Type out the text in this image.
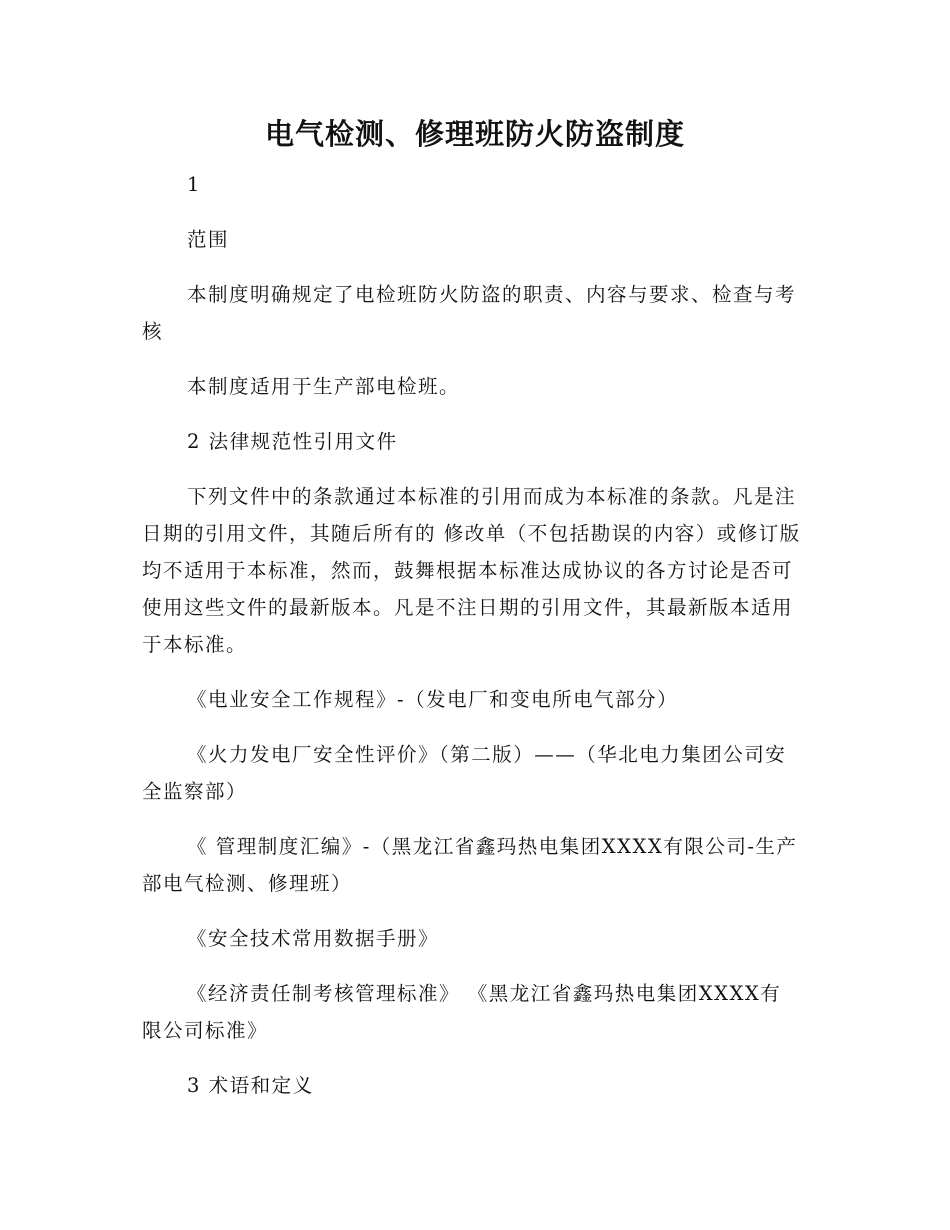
电气检测、修理班防火防盗制度

1

范围

本制度明确规定了电检班防火防盗的职责、内容与要求、检查与考核

本制度适用于生产部电检班。

2 法律规范性引用文件

下列文件中的条款通过本标准的引用而成为本标准的条款。凡是注日期的引用文件，其随后所有的 修改单（不包括勘误的内容）或修订版均不适用于本标准，然而，鼓舞根据本标准达成协议的各方讨论是否可使用这些文件的最新版本。凡是不注日期的引用文件，其最新版本适用于本标准。

《电业安全工作规程》-（发电厂和变电所电气部分）

《火力发电厂安全性评价》（第二版）——（华北电力集团公司安全监察部）

《 管理制度汇编》-（黑龙江省鑫玛热电集团XXXX有限公司-生产部电气检测、修理班）

《安全技术常用数据手册》

《经济责任制考核管理标准》 《黑龙江省鑫玛热电集团XXXX有限公司标准》

3 术语和定义
